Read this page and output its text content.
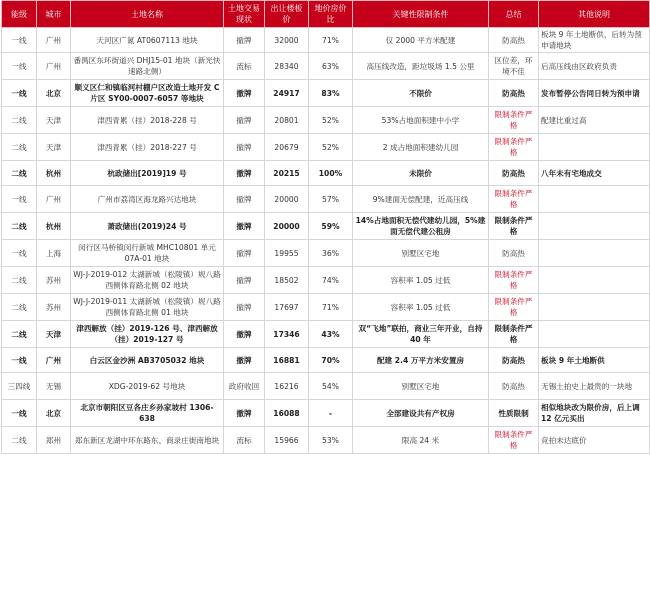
能级	城市	土地名称	土地交易现状	出让楼板价	地价房价比	关键性限制条件	总结	其他说明
一线	广州	天河区广氮 AT0607113 地块	撤牌	32000	71%	仅 2000 平方米配建	防高热	板块 9 年土地断供，后转为预申请地块
一线	广州	番禺区东环街道兴 DHJ15-01 地块（新光快速路北侧）	流标	28340	63%	高压线改造，距垃圾场 1.5 公里	区位差，环境不佳	后高压线由区政府负责
一线	北京	顺义区仁和镇临河村棚户区改造土地开发 C 片区 SY00-0007-6057 等地块	撤牌	24917	83%	不限价	防高热	发布暂停公告同日转为预申请
二线	天津	津西青累（挂）2018-228 号	撤牌	20801	52%	53%占地面积建中小学	限制条件严格	配建比重过高
二线	天津	津西青累（挂）2018-227 号	撤牌	20679	52%	2 成占地面积建幼儿园	限制条件严格	
二线	杭州	杭政储出[2019]19 号	撤牌	20215	100%	未限价	防高热	八年未有宅地成交
一线	广州	广州市荔湾区海龙路兴达地块	撤牌	20000	57%	9%建面无偿配建，近高压线	限制条件严格	
二线	杭州	萧政储出(2019)24 号	撤牌	20000	59%	14%占地面积无偿代建幼儿园，5%建面无偿代建公租房	限制条件严格	
一线	上海	闵行区马桥镇闵行新城 MHC10801 单元 07A-01 地块	撤牌	19955	36%	别墅区宅地	防高热	
二线	苏州	WJ-J-2019-012 太湖新城（松陵镇）规八路西侧体育路北侧 02 地块	撤牌	18502	74%	容积率 1.05 过低	限制条件严格	
二线	苏州	WJ-J-2019-011 太湖新城（松陵镇）规八路西侧体育路北侧 01 地块	撤牌	17697	71%	容积率 1.05 过低	限制条件严格	
二线	天津	津西解放（挂）2019-126 号、津西解放（挂）2019-127 号	撤牌	17346	43%	双“飞地”联拍，商业三年开业，自持 40 年	限制条件严格	
一线	广州	白云区金沙洲 AB3705032 地块	撤牌	16881	70%	配建 2.4 万平方米安置房	防高热	板块 9 年土地断供
三四线	无锡	XDG-2019-62 号地块	政府收回	16216	54%	别墅区宅地	防高热	无锡土拍史上最贵的一块地
一线	北京	北京市朝阳区豆各庄乡孙家坡村 1306-638	撤牌	16088	-	全部建设共有产权房	性质限制	相似地块改为限价房，后上调 12 亿元买出
二线	郑州	郑东新区龙湖中环东路东、商录庄街南地块	流标	15966	53%	限高 24 米	限制条件严格	竞拍未达底价
